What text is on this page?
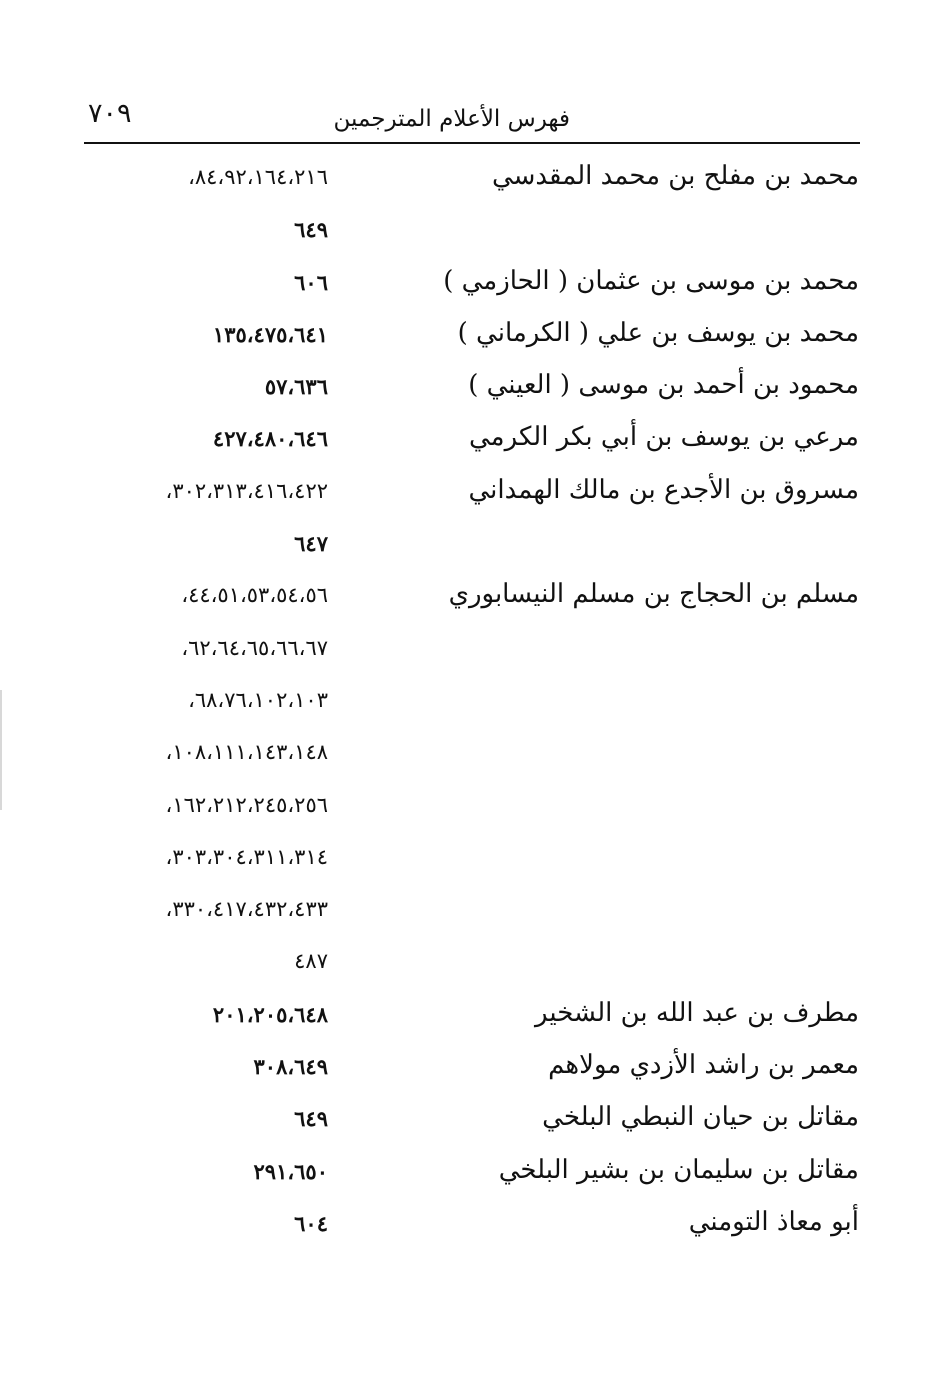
٧٠٩	فهرس الأعلام المترجمين
محمد بن مفلح بن محمد المقدسي
٨٤،٩٢،١٦٤،٢١٦،
٦٤٩
محمد بن موسى بن عثمان ( الحازمي )
٦٠٦
محمد بن يوسف بن علي ( الكرماني )
١٣٥،٤٧٥،٦٤١
محمود بن أحمد بن موسى ( العيني )
٥٧،٦٣٦
مرعي بن يوسف بن أبي بكر الكرمي
٤٢٧،٤٨٠،٦٤٦
مسروق بن الأجدع بن مالك الهمداني
٣٠٢،٣١٣،٤١٦،٤٢٢،
٦٤٧
مسلم بن الحجاج بن مسلم النيسابوري
٤٤،٥١،٥٣،٥٤،٥٦،
٦٢،٦٤،٦٥،٦٦،٦٧،
٦٨،٧٦،١٠٢،١٠٣،
١٠٨،١١١،١٤٣،١٤٨،
١٦٢،٢١٢،٢٤٥،٢٥٦،
٣٠٣،٣٠٤،٣١١،٣١٤،
٣٣٠،٤١٧،٤٣٢،٤٣٣،
٤٨٧
مطرف بن عبد الله بن الشخير
٢٠١،٢٠٥،٦٤٨
معمر بن راشد الأزدي مولاهم
٣٠٨،٦٤٩
مقاتل بن حيان النبطي البلخي
٦٤٩
مقاتل بن سليمان بن بشير البلخي
٢٩١،٦٥٠
أبو معاذ التومني
٦٠٤
